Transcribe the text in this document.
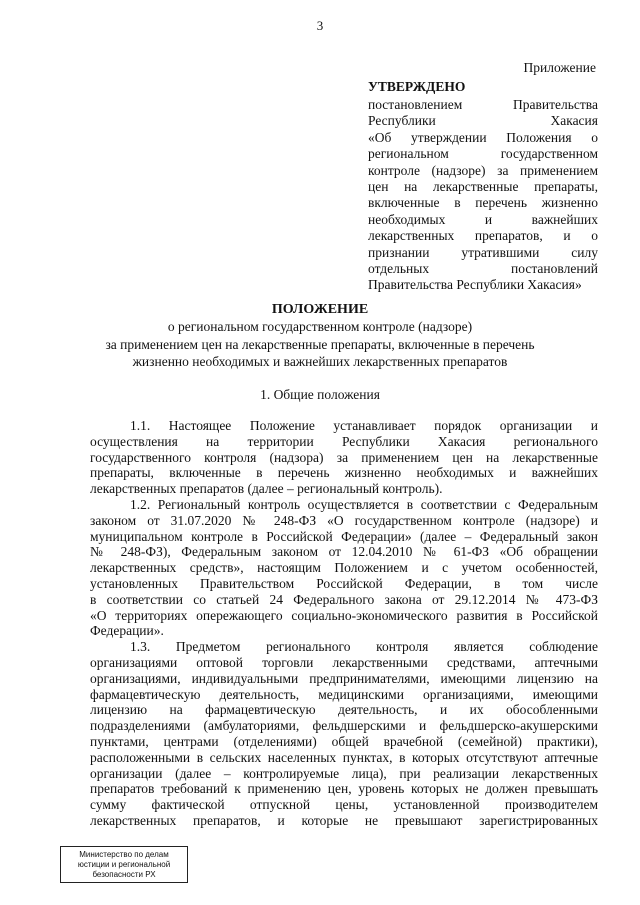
3
Приложение
УТВЕРЖДЕНО
постановлением Правительства
Республики Хакасия
«Об утверждении Положения о
региональном государственном
контроле (надзоре) за применением
цен на лекарственные препараты,
включенные в перечень жизненно
необходимых и важнейших
лекарственных препаратов, и о
признании утратившими силу
отдельных постановлений
Правительства Республики Хакасия»
ПОЛОЖЕНИЕ
о региональном государственном контроле (надзоре)
за применением цен на лекарственные препараты, включенные в перечень
жизненно необходимых и важнейших лекарственных препаратов
1. Общие положения
1.1. Настоящее Положение устанавливает порядок организации и
осуществления на территории Республики Хакасия регионального
государственного контроля (надзора) за применением цен на лекарственные
препараты, включенные в перечень жизненно необходимых и важнейших
лекарственных препаратов (далее – региональный контроль).
1.2. Региональный контроль осуществляется в соответствии с Федеральным
законом от 31.07.2020 № 248-ФЗ «О государственном контроле (надзоре) и
муниципальном контроле в Российской Федерации» (далее – Федеральный закон
№ 248-ФЗ), Федеральным законом от 12.04.2010 № 61-ФЗ «Об обращении
лекарственных средств», настоящим Положением и с учетом особенностей,
установленных Правительством Российской Федерации, в том числе
в соответствии со статьей 24 Федерального закона от 29.12.2014 № 473-ФЗ
«О территориях опережающего социально-экономического развития в Российской
Федерации».
1.3. Предметом регионального контроля является соблюдение
организациями оптовой торговли лекарственными средствами, аптечными
организациями, индивидуальными предпринимателями, имеющими лицензию на
фармацевтическую деятельность, медицинскими организациями, имеющими
лицензию на фармацевтическую деятельность, и их обособленными
подразделениями (амбулаториями, фельдшерскими и фельдшерско-акушерскими
пунктами, центрами (отделениями) общей врачебной (семейной) практики),
расположенными в сельских населенных пунктах, в которых отсутствуют аптечные
организации (далее – контролируемые лица), при реализации лекарственных
препаратов требований к применению цен, уровень которых не должен превышать
сумму фактической отпускной цены, установленной производителем
лекарственных препаратов, и которые не превышают зарегистрированных
Министерство по делам
юстиции и региональной
безопасности РХ
